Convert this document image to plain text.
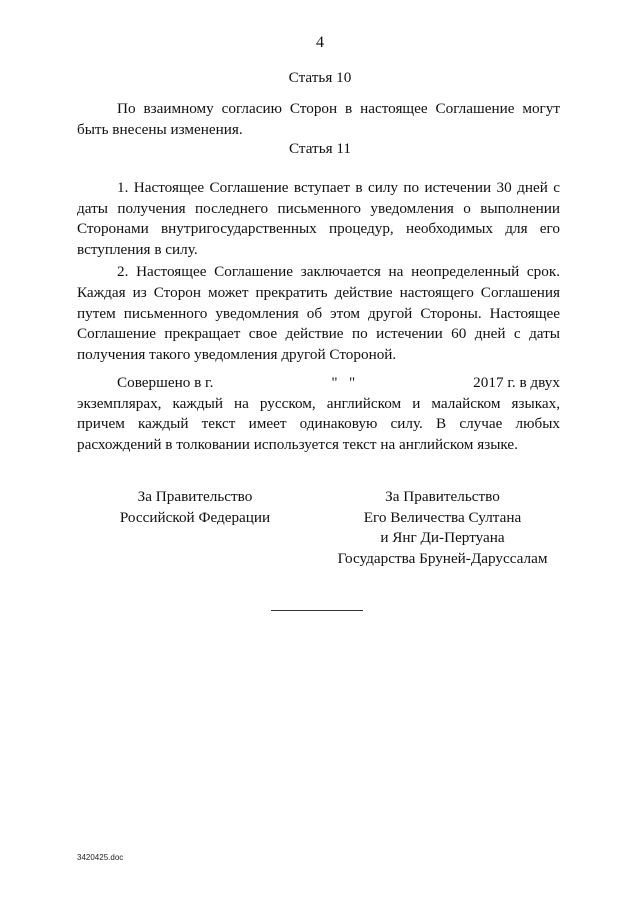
4
Статья 10

По взаимному согласию Сторон в настоящее Соглашение могут быть внесены изменения.

Статья 11

1. Настоящее Соглашение вступает в силу по истечении 30 дней с даты получения последнего письменного уведомления о выполнении Сторонами внутригосударственных процедур, необходимых для его вступления в силу.

2. Настоящее Соглашение заключается на неопределенный срок. Каждая из Сторон может прекратить действие настоящего Соглашения путем письменного уведомления об этом другой Стороны. Настоящее Соглашение прекращает свое действие по истечении 60 дней с даты получения такого уведомления другой Стороной.

Совершено в г.	"   "	2017 г. в двух

экземплярах, каждый на русском, английском и малайском языках, причем каждый текст имеет одинаковую силу. В случае любых расхождений в толковании используется текст на английском языке.

За Правительство
Российской Федерации
За Правительство
Его Величества Султана
и Янг Ди-Пертуана
Государства Бруней-Даруссалам
3420425.doc
